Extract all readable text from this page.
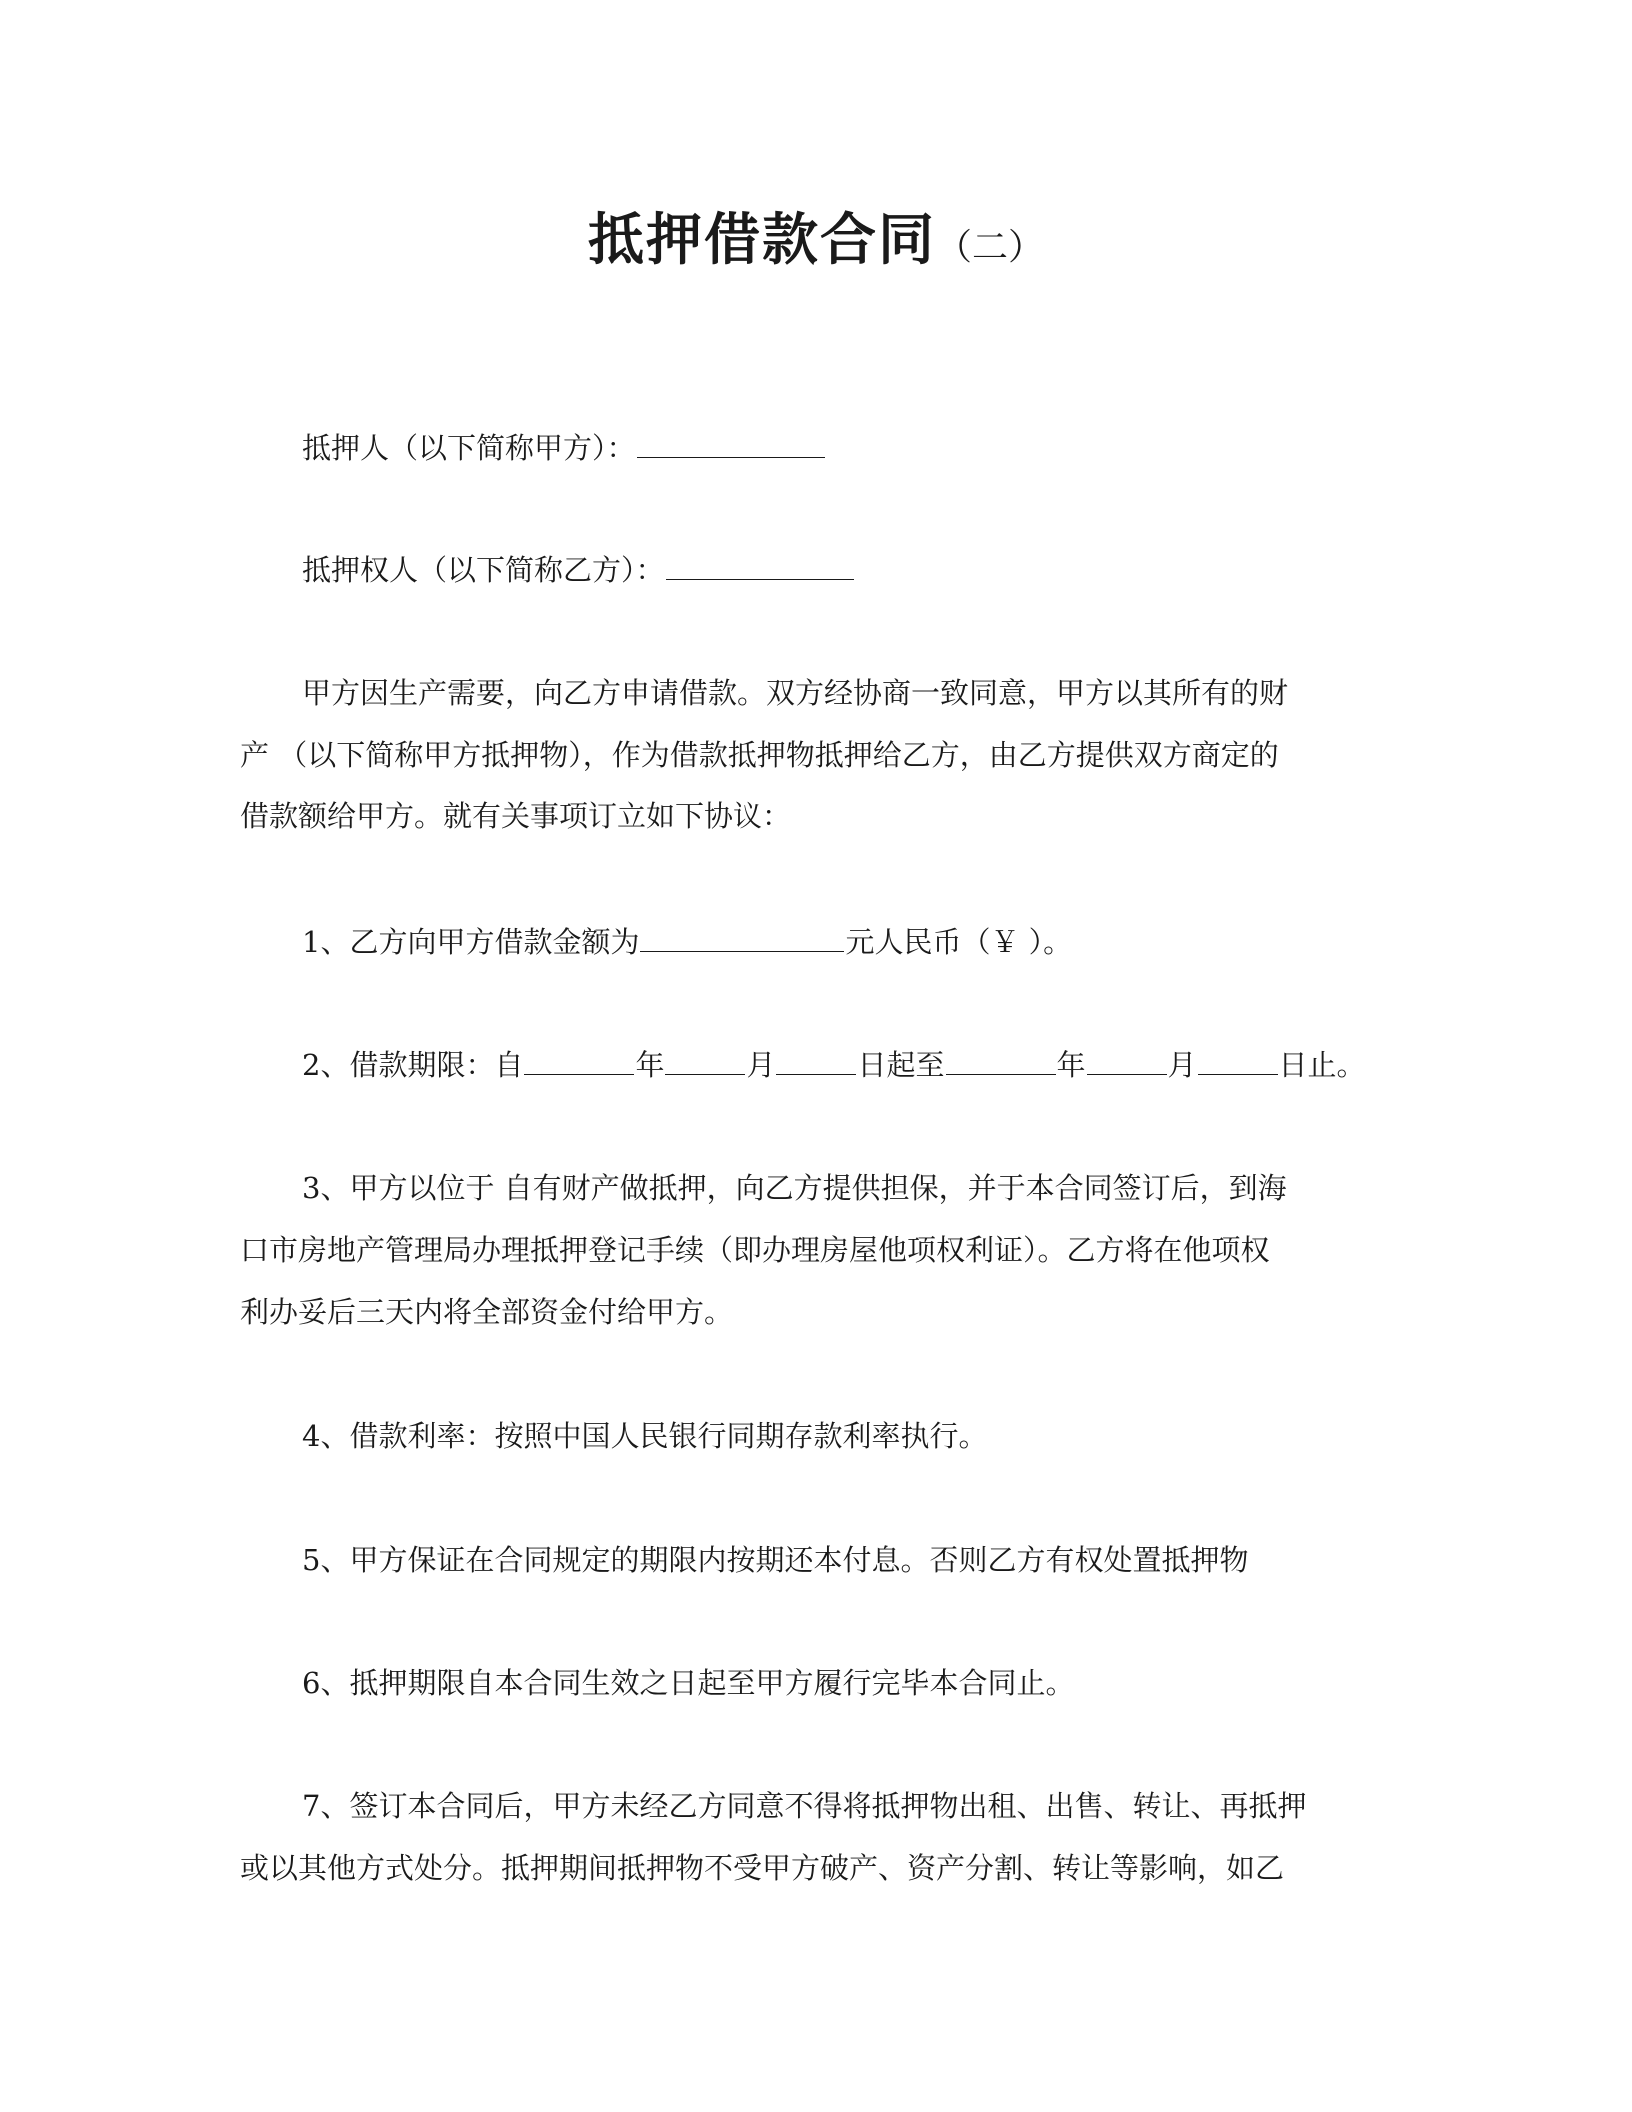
抵押借款合同（二）
抵押人（以下简称甲方）：
抵押权人（以下简称乙方）：
甲方因生产需要，向乙方申请借款。双方经协商一致同意，甲方以其所有的财
产 （以下简称甲方抵押物），作为借款抵押物抵押给乙方，由乙方提供双方商定的
借款额给甲方。就有关事项订立如下协议：
1、乙方向甲方借款金额为	元人民币（￥ ）。
2、借款期限：自	年	月	日起至	年	月	日止。
3、甲方以位于 自有财产做抵押，向乙方提供担保，并于本合同签订后，到海
口市房地产管理局办理抵押登记手续（即办理房屋他项权利证）。乙方将在他项权
利办妥后三天内将全部资金付给甲方。
4、借款利率：按照中国人民银行同期存款利率执行。
5、甲方保证在合同规定的期限内按期还本付息。否则乙方有权处置抵押物
6、抵押期限自本合同生效之日起至甲方履行完毕本合同止。
7、签订本合同后，甲方未经乙方同意不得将抵押物出租、出售、转让、再抵押
或以其他方式处分。抵押期间抵押物不受甲方破产、资产分割、转让等影响，如乙
